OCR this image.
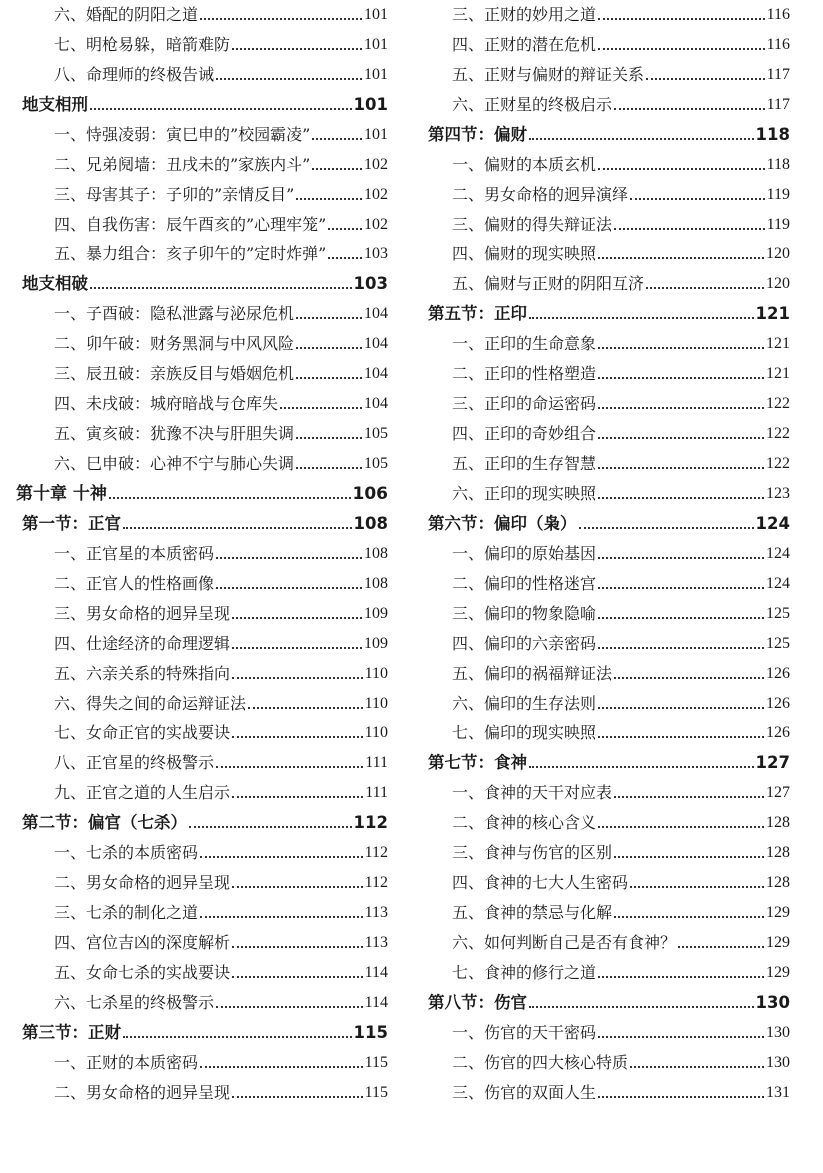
六、婚配的阴阳之道	101
七、明枪易躲，暗箭难防	101
八、命理师的终极告诫	101
地支相刑	101
一、恃强凌弱：寅巳申的”校园霸凌”	101
二、兄弟阋墙：丑戌未的”家族内斗”	102
三、母害其子：子卯的”亲情反目”	102
四、自我伤害：辰午酉亥的”心理牢笼” 102
五、暴力组合：亥子卯午的”定时炸弹” 103
地支相破	103
一、子酉破：隐私泄露与泌尿危机	104
二、卯午破：财务黑洞与中风风险	104
三、辰丑破：亲族反目与婚姻危机	104
四、未戌破：城府暗战与仓库失	104
五、寅亥破：犹豫不决与肝胆失调	105
六、巳申破：心神不宁与肺心失调	105
第十章 十神	106
第一节：正官	108
一、正官星的本质密码	108
二、正官人的性格画像	108
三、男女命格的迥异呈现	109
四、仕途经济的命理逻辑	109
五、六亲关系的特殊指向	110
六、得失之间的命运辩证法	110
七、女命正官的实战要诀	110
八、正官星的终极警示	111
九、正官之道的人生启示	111
第二节：偏官（七杀）	112
一、七杀的本质密码	112
二、男女命格的迥异呈现	112
三、七杀的制化之道	113
四、宫位吉凶的深度解析	113
五、女命七杀的实战要诀	114
六、七杀星的终极警示	114
第三节：正财	115
一、正财的本质密码	115
二、男女命格的迥异呈现	115
三、正财的妙用之道	116
四、正财的潜在危机	116
五、正财与偏财的辩证关系	117
六、正财星的终极启示	117
第四节：偏财	118
一、偏财的本质玄机	118
二、男女命格的迥异演绎	119
三、偏财的得失辩证法	119
四、偏财的现实映照	120
五、偏财与正财的阴阳互济	120
第五节：正印	121
一、正印的生命意象	121
二、正印的性格塑造	121
三、正印的命运密码	122
四、正印的奇妙组合	122
五、正印的生存智慧	122
六、正印的现实映照	123
第六节：偏印（枭）	124
一、偏印的原始基因	124
二、偏印的性格迷宫	124
三、偏印的物象隐喻	125
四、偏印的六亲密码	125
五、偏印的祸福辩证法	126
六、偏印的生存法则	126
七、偏印的现实映照	126
第七节：食神	127
一、食神的天干对应表	127
二、食神的核心含义	128
三、食神与伤官的区别	128
四、食神的七大人生密码	128
五、食神的禁忌与化解	129
六、如何判断自己是否有食神？	129
七、食神的修行之道	129
第八节：伤官	130
一、伤官的天干密码	130
二、伤官的四大核心特质	130
三、伤官的双面人生	131
